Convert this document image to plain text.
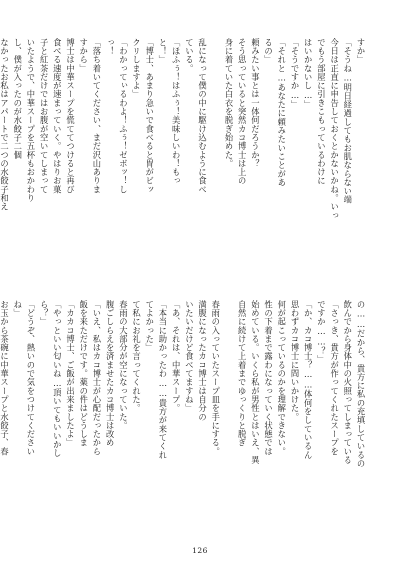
すか」

「そうね…明日経過してもお肌ならない端

今日は正直に申告しておくとかないかね。いっ

でもう部屋に引きこもっているわけに

はいかないし…」

「そうですか…」

「それと…あなたに頼みたいことがあ

るの」

頼みたい事とは一体何だろうか？

そう思っていると突然カコ博士は上の

身に着ていた白衣を脱ぎ始めた。

乱になって僕の中に駆け込むように食べ

ている。

「ほふぅ！はふぅ！美味しいわ！もっ

と！」

「博士、あまり急いで食べると胃がビッ

クリしますよ」

「わかってぃるわよ！ふぅ！ゼボッ！し

っ！

「落ち着いてください、まだ沢山ありま

すから」

博士は中華スープを慌ててつけると再び

食べる速度が速まっていく。やはりお菓

子と紅茶だけではお腹が空いてしまって

いたようで、中華スープを五杯もおかわり

し、僕が入ったのが水餃子二個

なかったお私はアパートで二つの水餃子和え

の……だから、貴方に私の充填しているの

飲んでから身体中の火照ってしまっている

「さっき、貴方が作ってくれたスープを

ですか……？」

「か、カコ博士？……体何をしているん

思わずカコ博士に問いかけた。

何が起こっているのかを理解できない。

性の下着まで露わになっていく状態では

始めている。いくら私が男性とはいえ、異

自然に続けて上着までゆっくりと脱ぎ

春雨の入っていたスープ皿を手にする。

満腹になったカコ博士は自分の

いたいだけど食べてますね」

「あ、それは、中華スープ。

「本当に助かったわ……貴方が来てくれ

てよかった」

て私にお礼を言ってくれた。

春雨の大部分が空になっていた。

腹ごしらえを済ませたカコ博士は改め

「いえ、私はカコ博士が心配だったから

飯を来ただけです。薬の件はどうしま

「カカコ博士、ご飯が出来ましたよ」

「やっといい匂いね…頂いてもいいかし

ら？」

「どうぞ、熱いので気をつけてください

ね」

お玉から茶碗に中華スープと水餃子、春

126
